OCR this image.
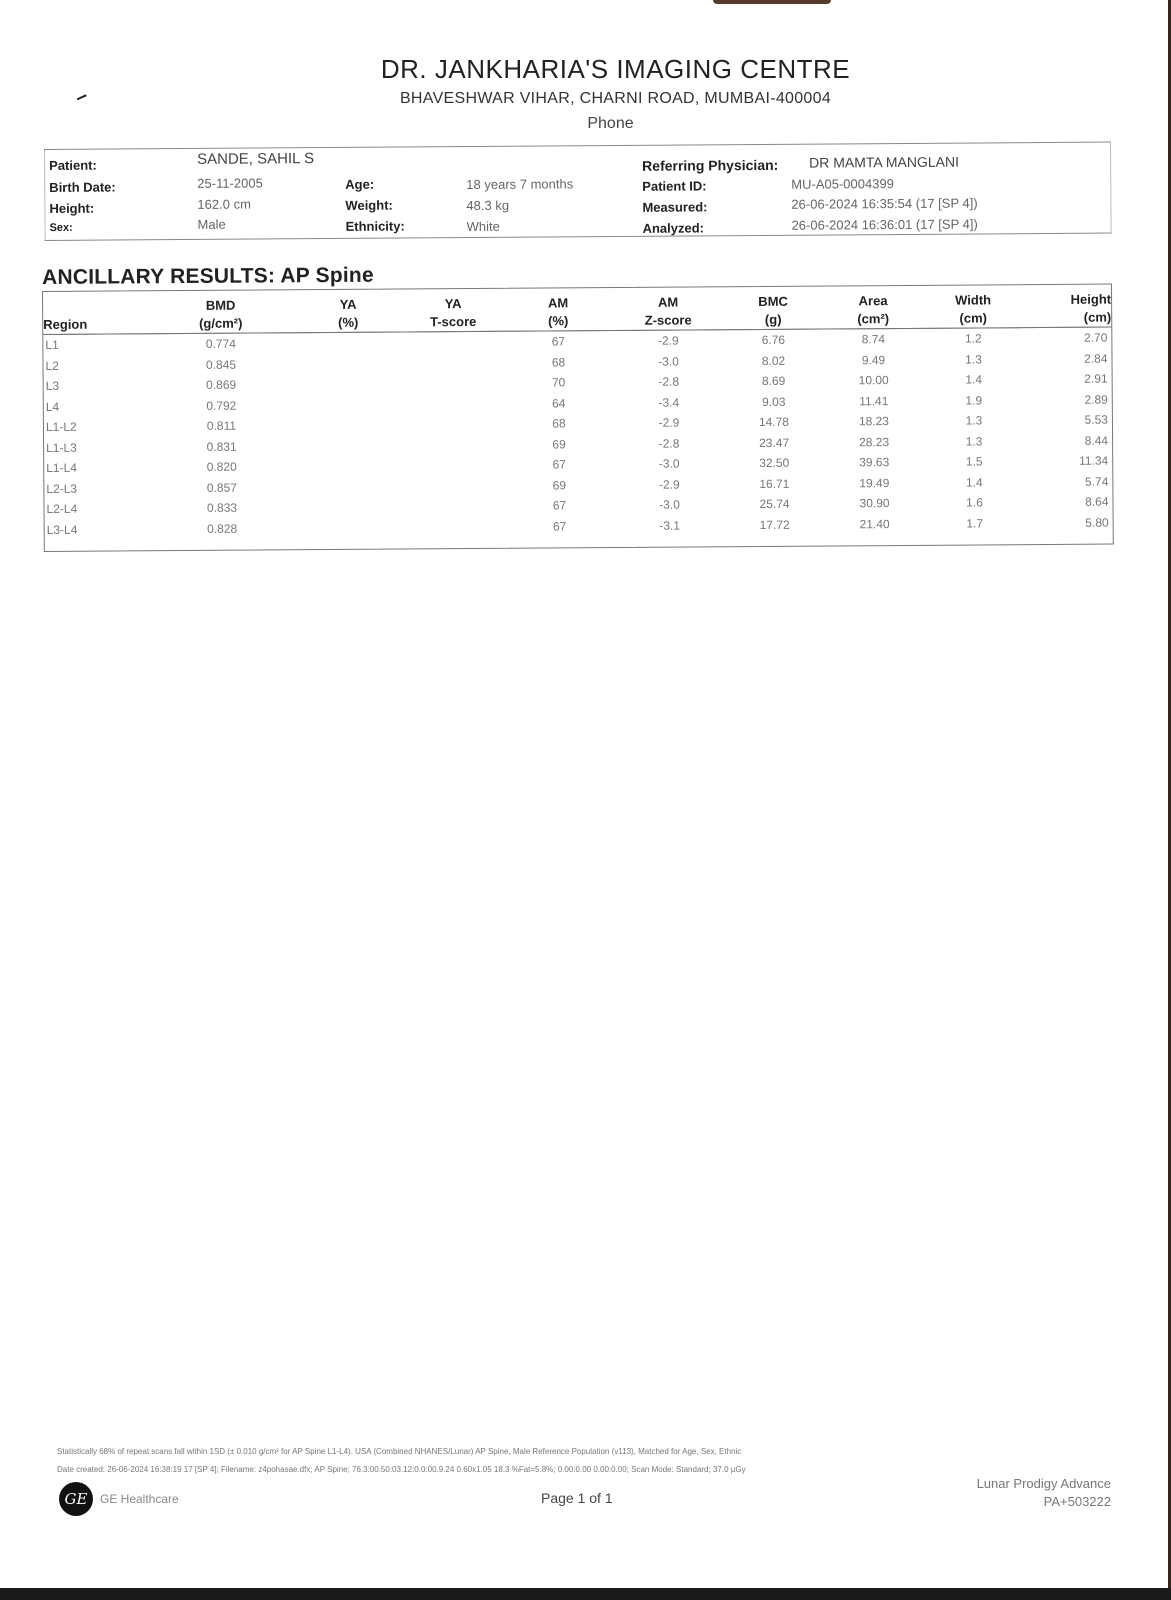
DR. JANKHARIA'S IMAGING CENTRE
BHAVESHWAR VIHAR, CHARNI ROAD, MUMBAI-400004
Phone
Patient:	SANDE, SAHIL S
Birth Date:	25-11-2005
Height:	162.0 cm
Sex:	Male
Age:	18 years 7 months
Weight:	48.3 kg
Ethnicity:	White
Referring Physician: DR MAMTA MANGLANI
Patient ID:	MU-A05-0004399
Measured:	26-06-2024 16:35:54 (17 [SP 4])
Analyzed:	26-06-2024 16:36:01 (17 [SP 4])
ANCILLARY RESULTS: AP Spine
	BMD	YA	YA	AM	AM	BMC	Area	Width	Height
Region	(g/cm²)	(%)	T-score	(%)	Z-score	(g)	(cm²)	(cm)	(cm)
L1	0.774			67	-2.9	6.76	8.74	1.2	2.70
L2	0.845			68	-3.0	8.02	9.49	1.3	2.84
L3	0.869			70	-2.8	8.69	10.00	1.4	2.91
L4	0.792			64	-3.4	9.03	11.41	1.9	2.89
L1-L2	0.811			68	-2.9	14.78	18.23	1.3	5.53
L1-L3	0.831			69	-2.8	23.47	28.23	1.3	8.44
L1-L4	0.820			67	-3.0	32.50	39.63	1.5	11.34
L2-L3	0.857			69	-2.9	16.71	19.49	1.4	5.74
L2-L4	0.833			67	-3.0	25.74	30.90	1.6	8.64
L3-L4	0.828			67	-3.1	17.72	21.40	1.7	5.80
Statistically 68% of repeat scans fall within 1SD (± 0.010 g/cm² for AP Spine L1-L4). USA (Combined NHANES/Lunar) AP Spine, Male Reference Population (v113), Matched for Age, Sex, Ethnic
Date created: 26-06-2024 16:38:19 17 [SP 4]; Filename: z4pohasae.dfx; AP Spine; 76.3:00.50:03.12:0.0:00.9.24 0.60x1.05 18.3 %Fat=5.8%; 0.00:0.00 0.00:0.00; Scan Mode: Standard; 37.0 µGy
GE	GE Healthcare	Page 1 of 1
Lunar Prodigy Advance
PA+503222
